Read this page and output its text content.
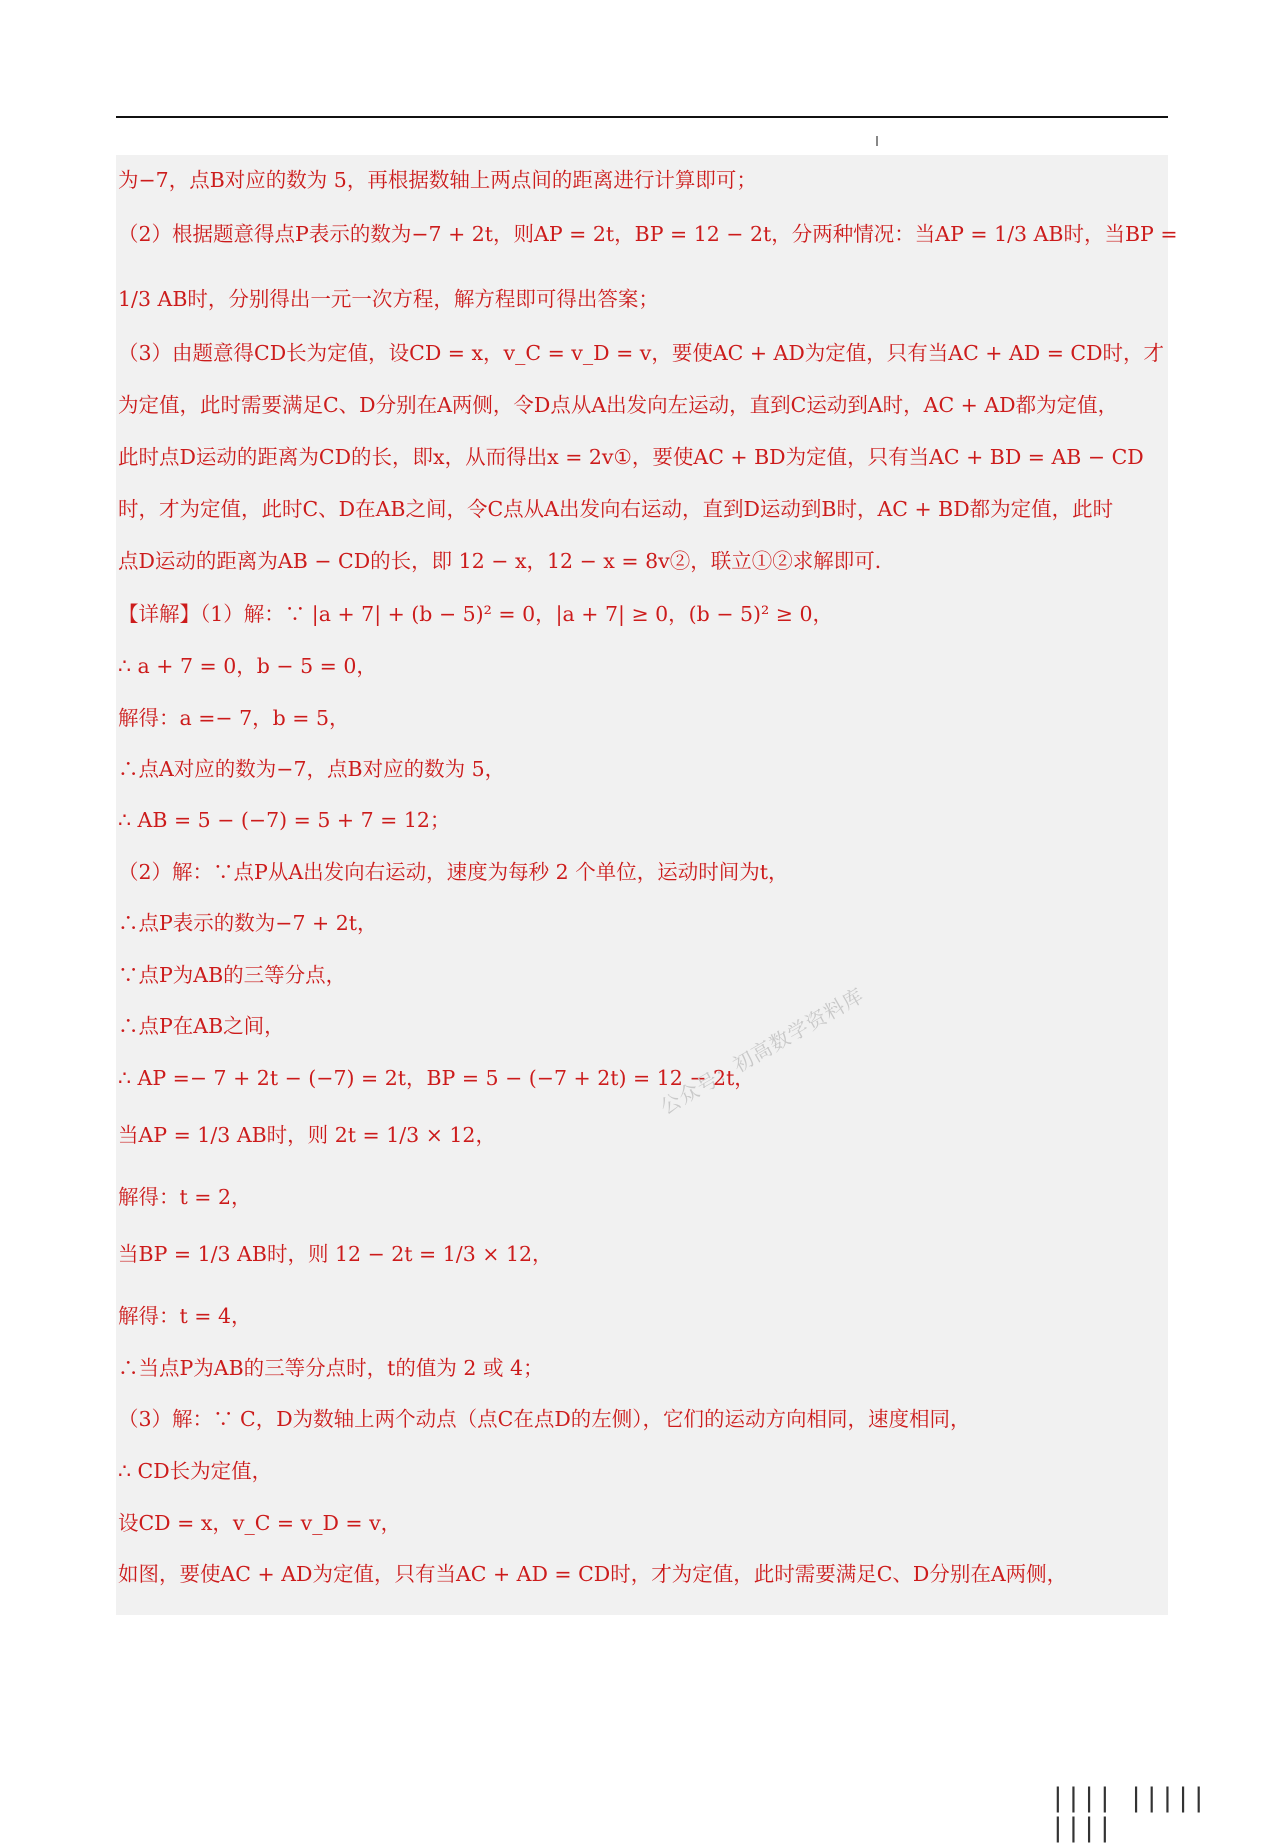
为−7，点B对应的数为 5，再根据数轴上两点间的距离进行计算即可；
（2）根据题意得点P表示的数为−7 + 2t，则AP = 2t，BP = 12 − 2t，分两种情况：当AP = 1/3 AB时，当BP =
1/3 AB时，分别得出一元一次方程，解方程即可得出答案；
（3）由题意得CD长为定值，设CD = x，v_C = v_D = v，要使AC + AD为定值，只有当AC + AD = CD时，才
为定值，此时需要满足C、D分别在A两侧，令D点从A出发向左运动，直到C运动到A时，AC + AD都为定值，
此时点D运动的距离为CD的长，即x，从而得出x = 2v①，要使AC + BD为定值，只有当AC + BD = AB − CD
时，才为定值，此时C、D在AB之间，令C点从A出发向右运动，直到D运动到B时，AC + BD都为定值，此时
点D运动的距离为AB − CD的长，即 12 − x，12 − x = 8v②，联立①②求解即可．
【详解】（1）解：∵ |a + 7| + (b − 5)² = 0，|a + 7| ≥ 0，(b − 5)² ≥ 0，
∴ a + 7 = 0，b − 5 = 0，
解得：a =− 7，b = 5，
∴点A对应的数为−7，点B对应的数为 5，
∴ AB = 5 − (−7) = 5 + 7 = 12；
（2）解：∵点P从A出发向右运动，速度为每秒 2 个单位，运动时间为t，
∴点P表示的数为−7 + 2t，
∵点P为AB的三等分点，
∴点P在AB之间，
∴ AP =− 7 + 2t − (−7) = 2t，BP = 5 − (−7 + 2t) = 12 − 2t，
当AP = 1/3 AB时，则 2t = 1/3 × 12，
解得：t = 2，
当BP = 1/3 AB时，则 12 − 2t = 1/3 × 12，
解得：t = 4，
∴当点P为AB的三等分点时，t的值为 2 或 4；
（3）解：∵ C，D为数轴上两个动点（点C在点D的左侧），它们的运动方向相同，速度相同，
∴ CD长为定值，
设CD = x，v_C = v_D = v，
如图，要使AC + AD为定值，只有当AC + AD = CD时，才为定值，此时需要满足C、D分别在A两侧，
公众号：初高数学资料库
|||| ||||| ||||
